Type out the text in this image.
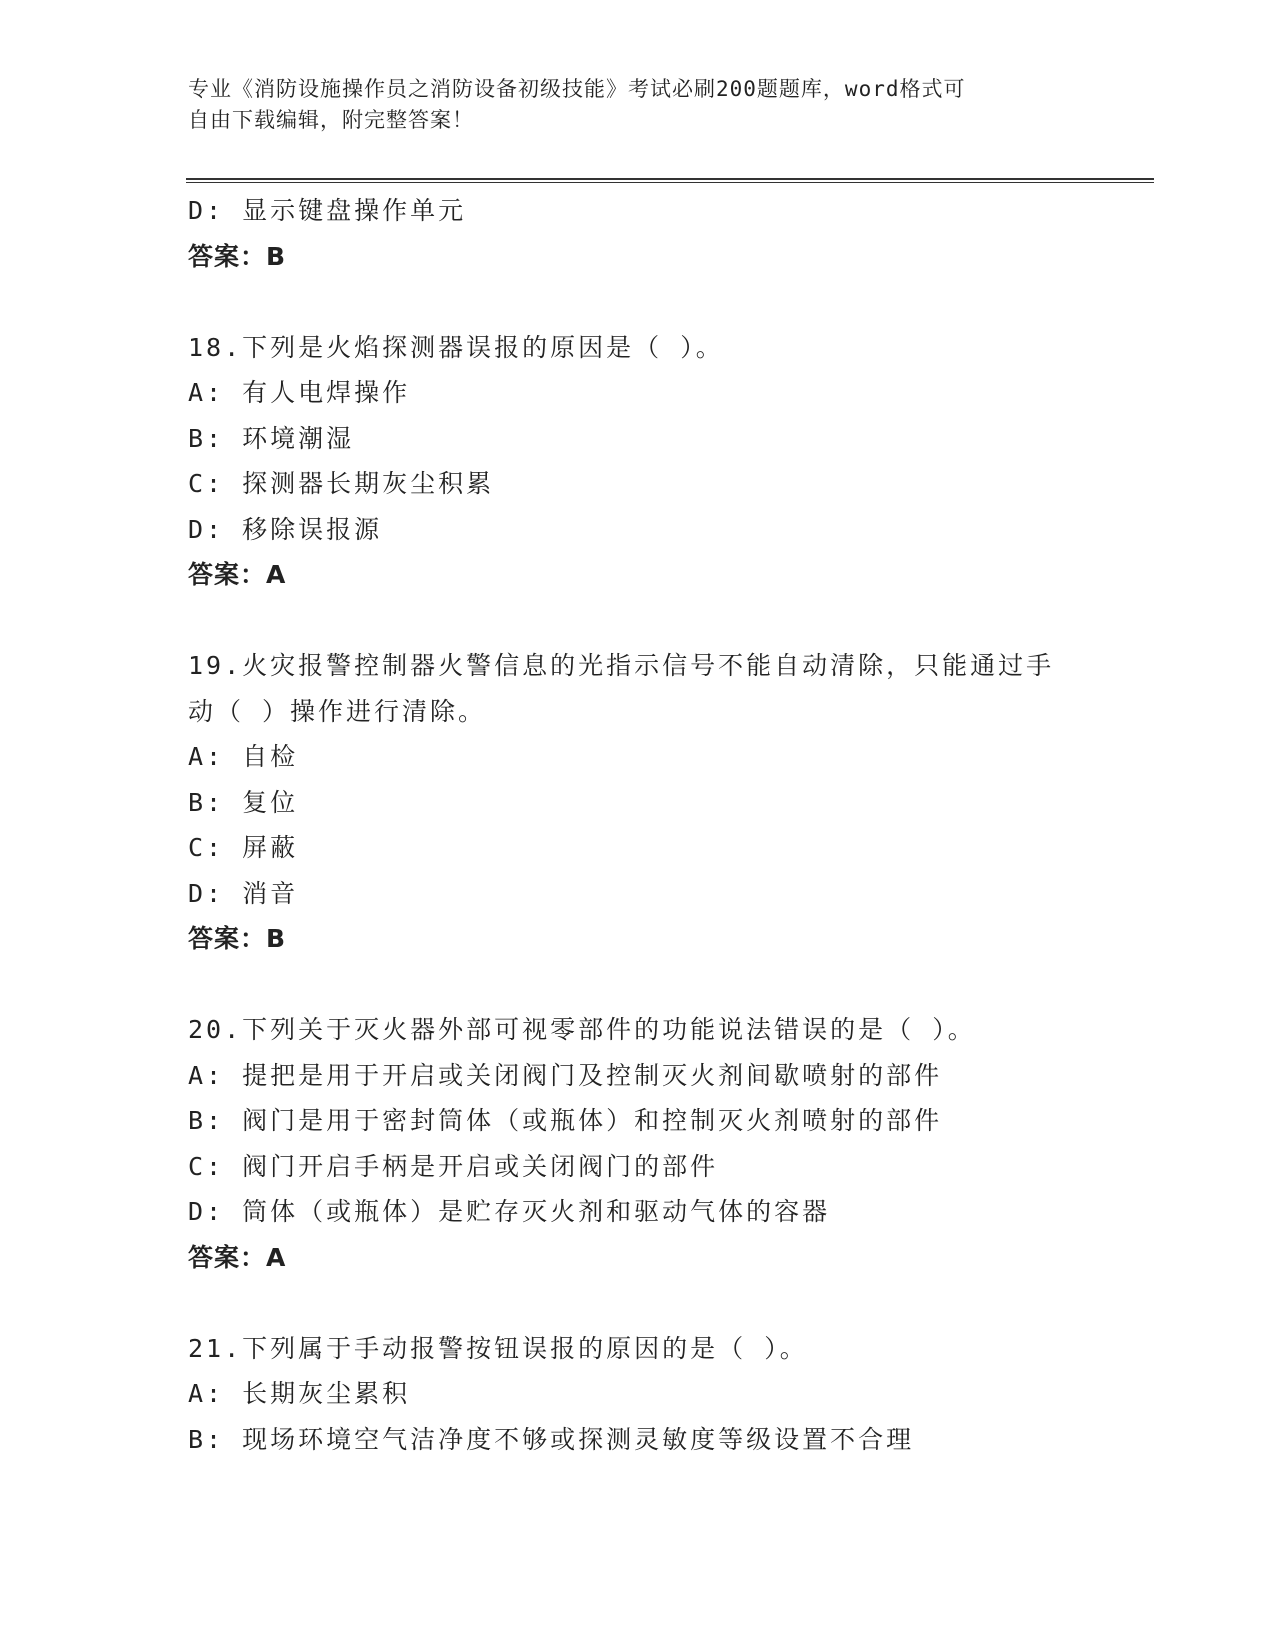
专业《消防设施操作员之消防设备初级技能》考试必刷200题题库，word格式可
自由下载编辑，附完整答案！
D: 显示键盘操作单元
答案：B
18.下列是火焰探测器误报的原因是（ ）。
A: 有人电焊操作
B: 环境潮湿
C: 探测器长期灰尘积累
D: 移除误报源
答案：A
19.火灾报警控制器火警信息的光指示信号不能自动清除，只能通过手
动（ ）操作进行清除。
A: 自检
B: 复位
C: 屏蔽
D: 消音
答案：B
20.下列关于灭火器外部可视零部件的功能说法错误的是（ ）。
A: 提把是用于开启或关闭阀门及控制灭火剂间歇喷射的部件
B: 阀门是用于密封筒体（或瓶体）和控制灭火剂喷射的部件
C: 阀门开启手柄是开启或关闭阀门的部件
D: 筒体（或瓶体）是贮存灭火剂和驱动气体的容器
答案：A
21.下列属于手动报警按钮误报的原因的是（ ）。
A: 长期灰尘累积
B: 现场环境空气洁净度不够或探测灵敏度等级设置不合理
